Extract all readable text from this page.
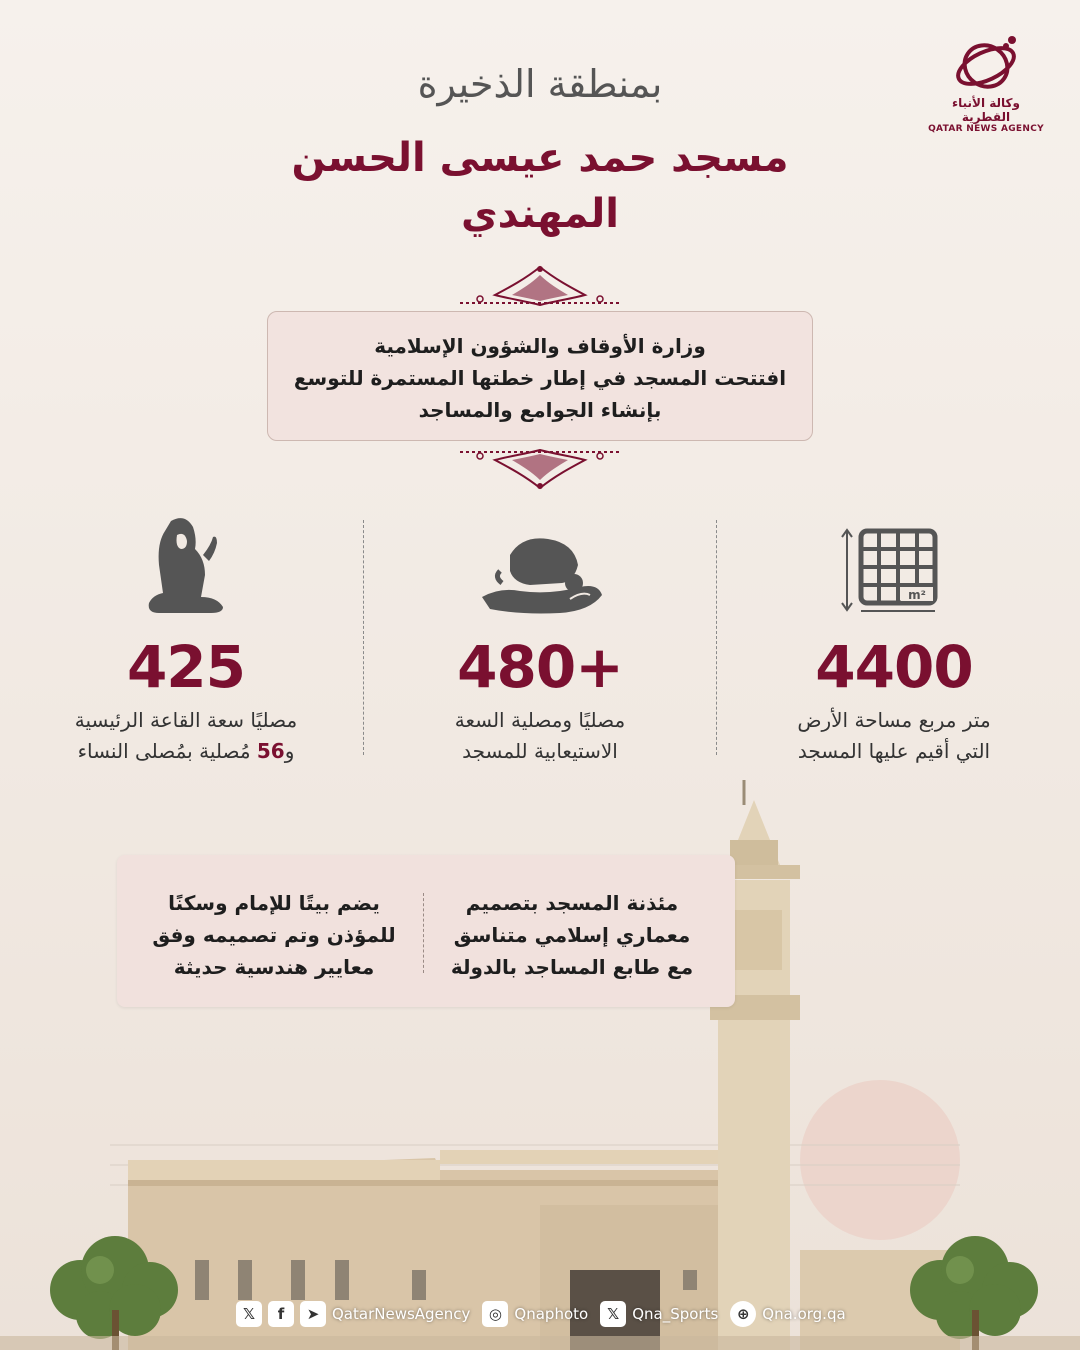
وكالة الأنباء القطرية
QATAR NEWS AGENCY
بمنطقة الذخيرة
مسجد حمد عيسى الحسن
المهندي
وزارة الأوقاف والشؤون الإسلامية
افتتحت المسجد في إطار خطتها المستمرة للتوسع
بإنشاء الجوامع والمساجد
m²
4400
متر مربع مساحة الأرض
التي أقيم عليها المسجد
480+
مصليًا ومصلية السعة
الاستيعابية للمسجد
425
مصليًا سعة القاعة الرئيسية
و56 مُصلية بمُصلى النساء
مئذنة المسجد بتصميم
معماري إسلامي متناسق
مع طابع المساجد بالدولة
يضم بيتًا للإمام وسكنًا
للمؤذن وتم تصميمه وفق
معايير هندسية حديثة
𝕏	f	➤ QatarNewsAgency	◎ Qnaphoto	𝕏 Qna_Sports	⊕ Qna.org.qa
